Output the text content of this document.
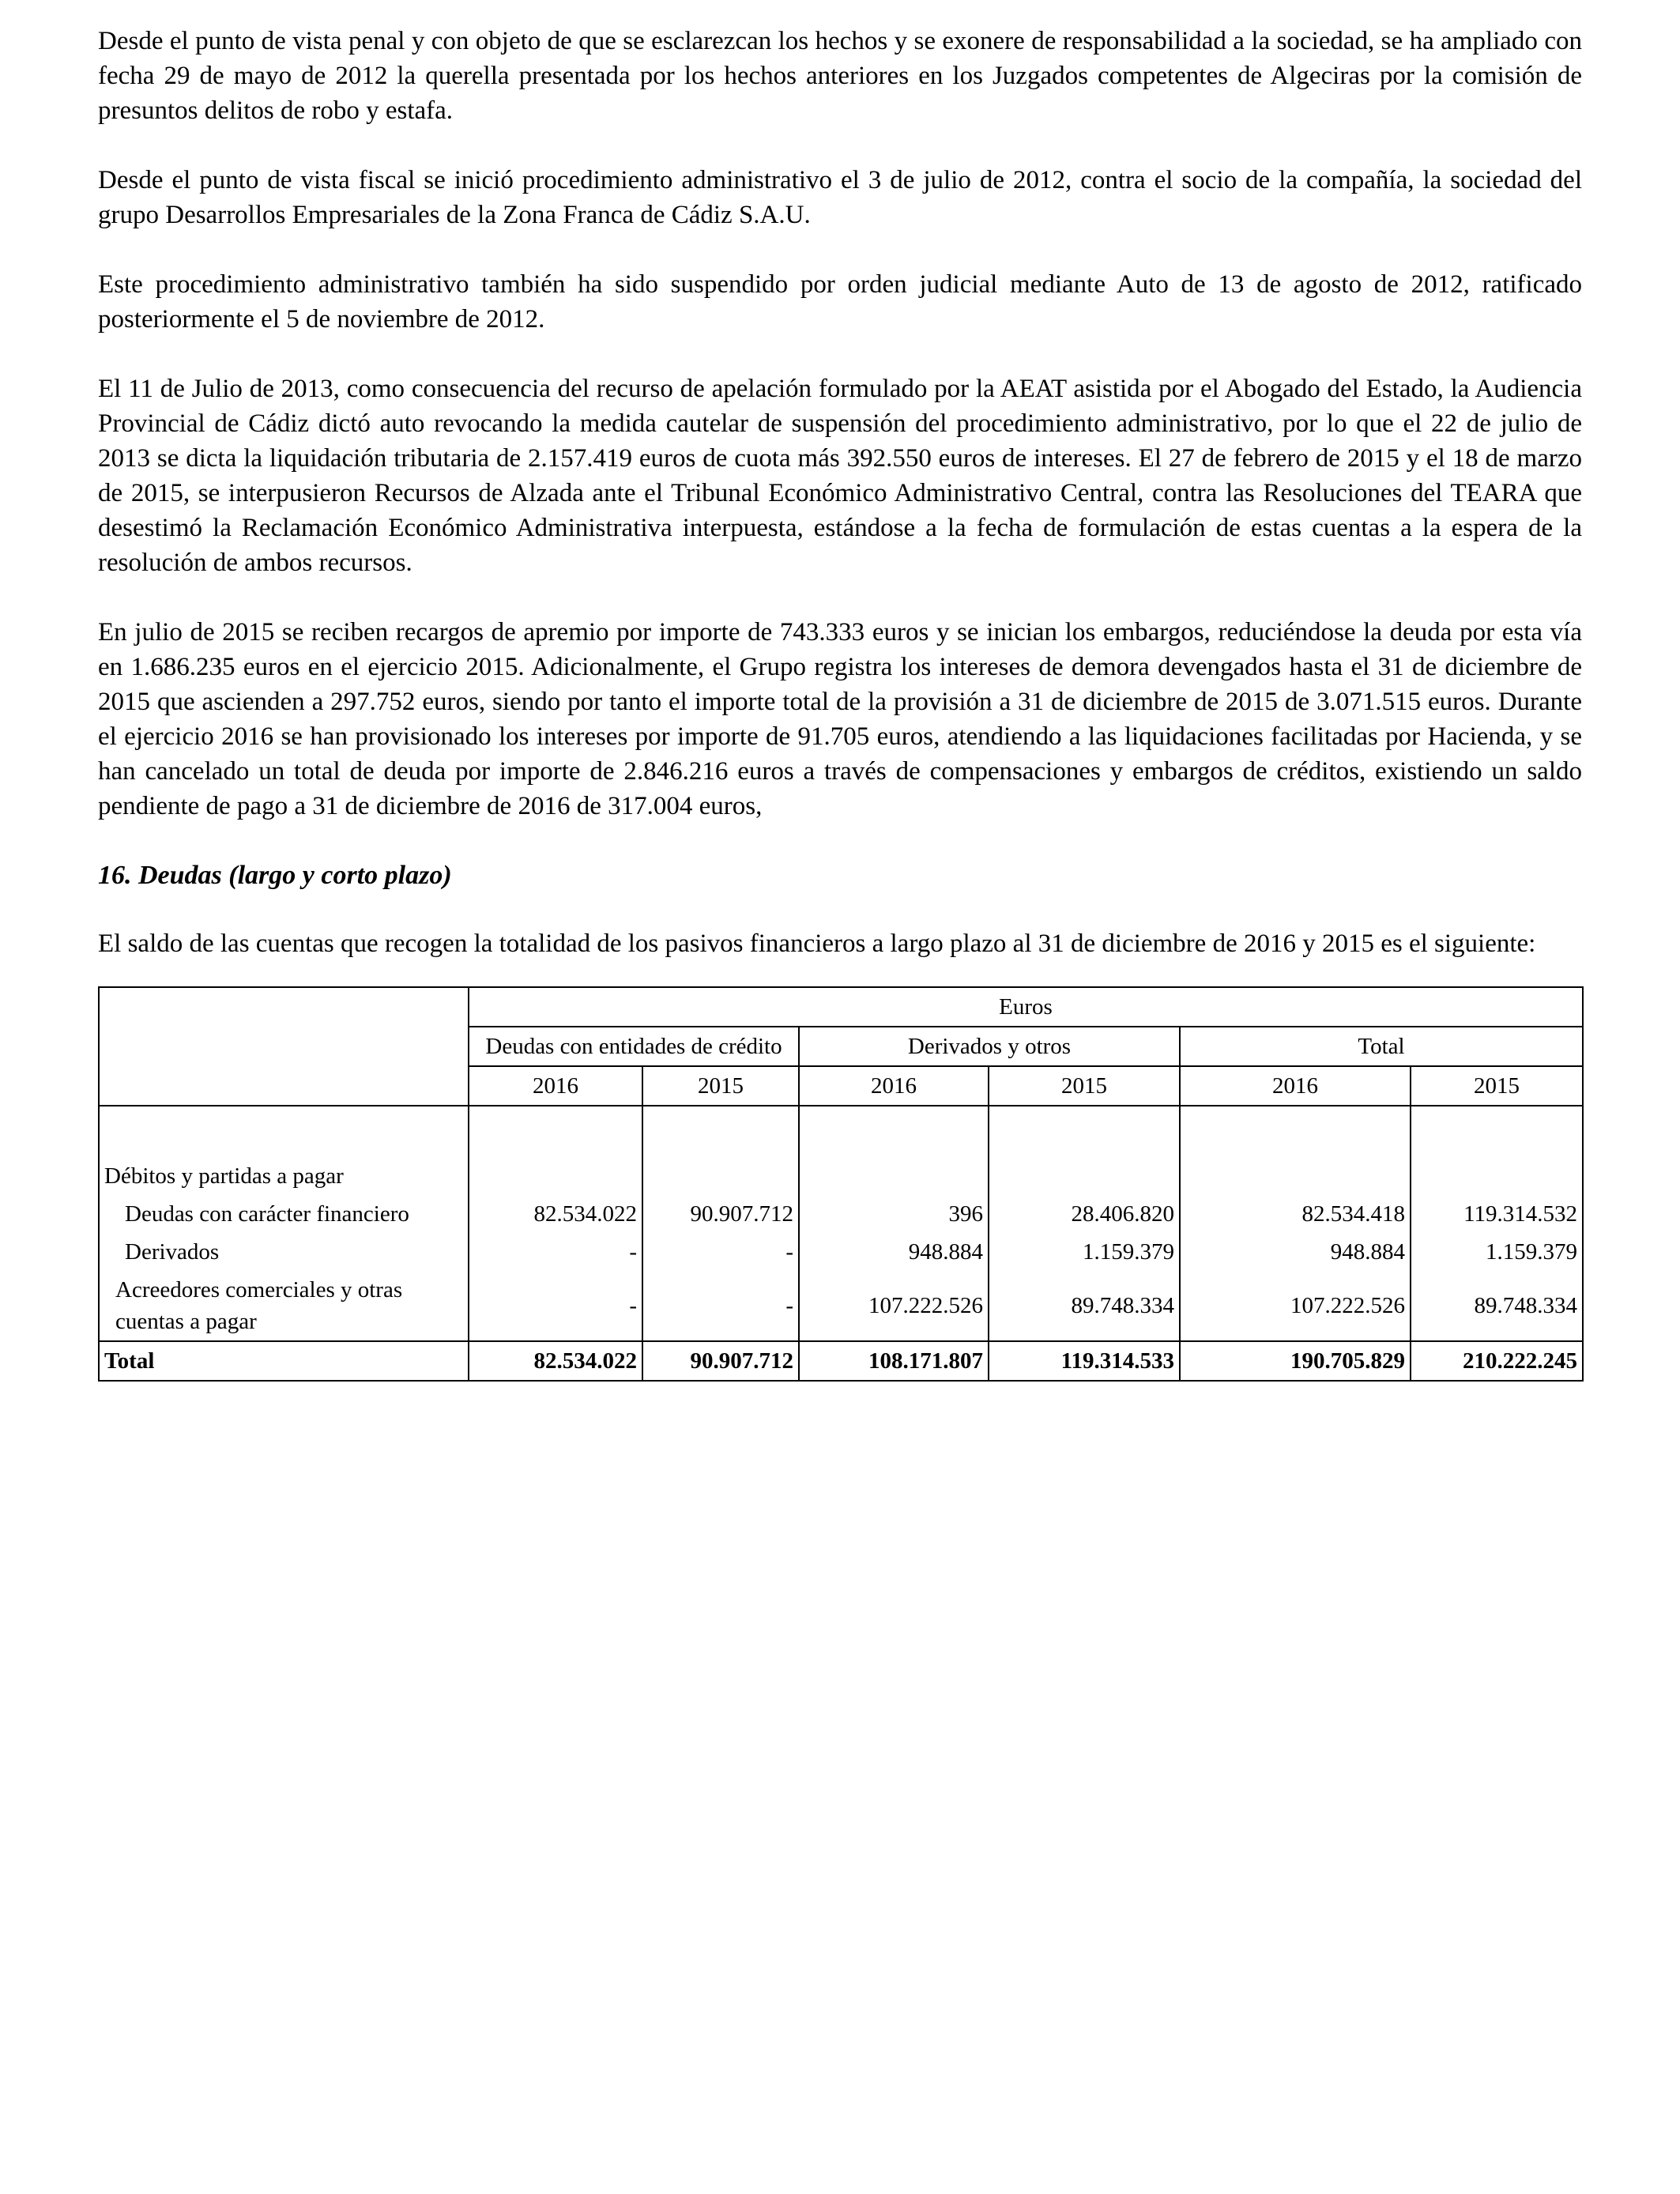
Desde el punto de vista penal y con objeto de que se esclarezcan los hechos y se exonere de responsabilidad a la sociedad, se ha ampliado con fecha 29 de mayo de 2012 la querella presentada por los hechos anteriores en los Juzgados competentes de Algeciras por la comisión de presuntos delitos de robo y estafa.

Desde el punto de vista fiscal se inició procedimiento administrativo el 3 de julio de 2012, contra el socio de la compañía, la sociedad del grupo Desarrollos Empresariales de la Zona Franca de Cádiz S.A.U.

Este procedimiento administrativo también ha sido suspendido por orden judicial mediante Auto de 13 de agosto de 2012, ratificado posteriormente el 5 de noviembre de 2012.

El 11 de Julio de 2013, como consecuencia del recurso de apelación formulado por la AEAT asistida por el Abogado del Estado, la Audiencia Provincial de Cádiz dictó auto revocando la medida cautelar de suspensión del procedimiento administrativo, por lo que el 22 de julio de 2013 se dicta la liquidación tributaria de 2.157.419 euros de cuota más 392.550 euros de intereses. El 27 de febrero de 2015 y el 18 de marzo de 2015, se interpusieron Recursos de Alzada ante el Tribunal Económico Administrativo Central, contra las Resoluciones del TEARA que desestimó la Reclamación Económico Administrativa interpuesta, estándose a la fecha de formulación de estas cuentas a la espera de la resolución de ambos recursos.

En julio de 2015 se reciben recargos de apremio por importe de 743.333 euros y se inician los embargos, reduciéndose la deuda por esta vía en 1.686.235 euros en el ejercicio 2015. Adicionalmente, el Grupo registra los intereses de demora devengados hasta el 31 de diciembre de 2015 que ascienden a 297.752 euros, siendo por tanto el importe total de la provisión a 31 de diciembre de 2015 de 3.071.515 euros. Durante el ejercicio 2016 se han provisionado los intereses por importe de 91.705 euros, atendiendo a las liquidaciones facilitadas por Hacienda, y se han cancelado un total de deuda por importe de 2.846.216 euros a través de compensaciones y embargos de créditos, existiendo un saldo pendiente de pago a 31 de diciembre de 2016 de 317.004 euros,

16. Deudas (largo y corto plazo)

El saldo de las cuentas que recogen la totalidad de los pasivos financieros a largo plazo al 31 de diciembre de 2016 y 2015 es el siguiente:

	Euros					
	Deudas con entidades de crédito		Derivados y otros		Total	
	2016	2015	2016	2015	2016	2015

Débitos y partidas a pagar						
Deudas con carácter financiero	82.534.022	90.907.712	396	28.406.820	82.534.418	119.314.532
Derivados	-	-	948.884	1.159.379	948.884	1.159.379
Acreedores comerciales y otras cuentas a pagar	-	-	107.222.526	89.748.334	107.222.526	89.748.334
Total	82.534.022	90.907.712	108.171.807	119.314.533	190.705.829	210.222.245
